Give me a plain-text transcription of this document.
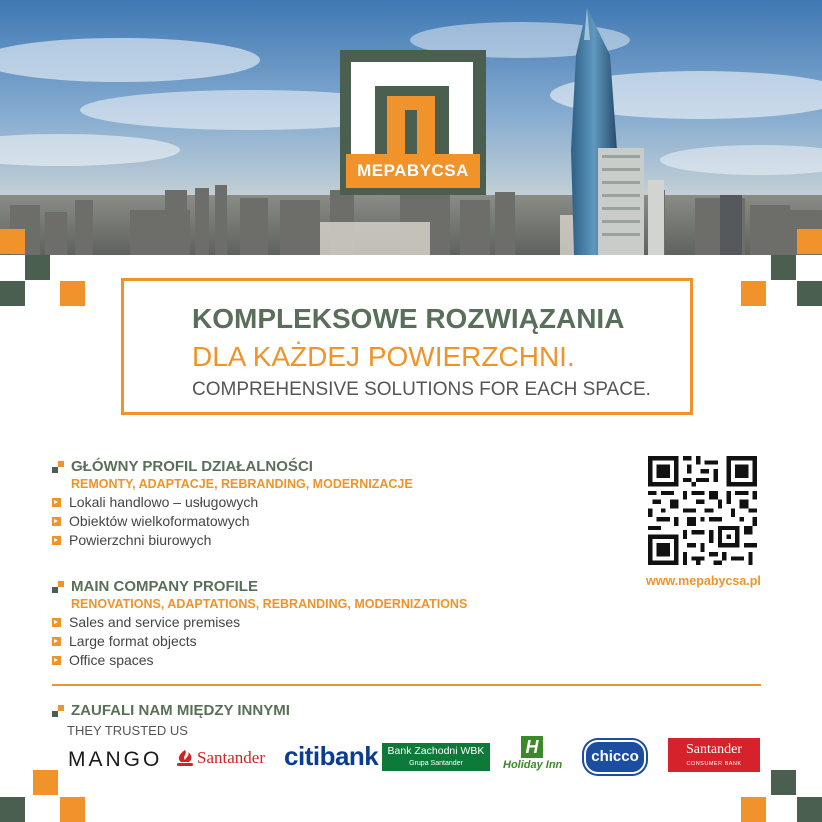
MEPABYCSA
KOMPLEKSOWE ROZWIĄZANIA
DLA KAŻDEJ POWIERZCHNI.
COMPREHENSIVE SOLUTIONS FOR EACH SPACE.
GŁÓWNY PROFIL DZIAŁALNOŚCI
REMONTY, ADAPTACJE, REBRANDING, MODERNIZACJE
Lokali handlowo – usługowych
Obiektów wielkoformatowych
Powierzchni biurowych
MAIN COMPANY PROFILE
RENOVATIONS, ADAPTATIONS, REBRANDING, MODERNIZATIONS
Sales and service premises
Large format objects
Office spaces
www.mepabycsa.pl
ZAUFALI NAM MIĘDZY INNYMI
THEY TRUSTED US
MANGO Santander citibank Bank Zachodni WBK
Grupa Santander
H
Holiday Inn	chicco	Santander
CONSUMER BANK
